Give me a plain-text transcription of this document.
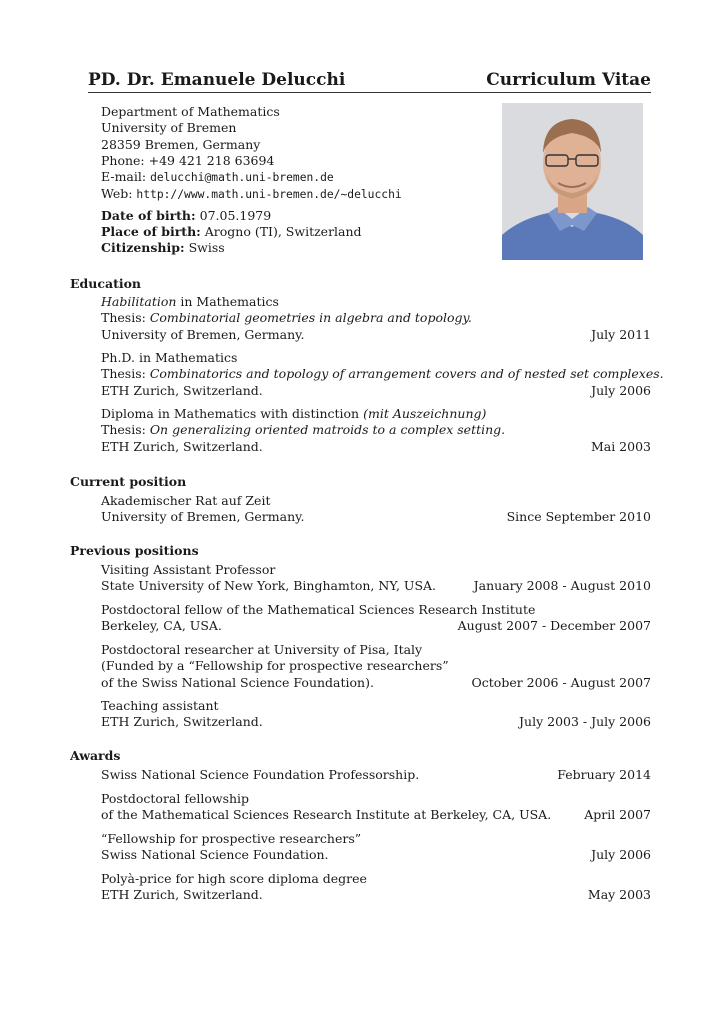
PD. Dr. Emanuele Delucchi	Curriculum Vitae
Department of Mathematics
University of Bremen
28359 Bremen, Germany
Phone: +49 421 218 63694
E-mail: delucchi@math.uni-bremen.de
Web: http://www.math.uni-bremen.de/∼delucchi
Date of birth: 07.05.1979
Place of birth: Arogno (TI), Switzerland
Citizenship: Swiss
Education
Habilitation in Mathematics
Thesis: Combinatorial geometries in algebra and topology.
University of Bremen, Germany.	July 2011
Ph.D. in Mathematics
Thesis: Combinatorics and topology of arrangement covers and of nested set complexes.
ETH Zurich, Switzerland.	July 2006
Diploma in Mathematics with distinction (mit Auszeichnung)
Thesis: On generalizing oriented matroids to a complex setting.
ETH Zurich, Switzerland.	Mai 2003
Current position
Akademischer Rat auf Zeit
University of Bremen, Germany.	Since September 2010
Previous positions
Visiting Assistant Professor
State University of New York, Binghamton, NY, USA.	January 2008 - August 2010
Postdoctoral fellow of the Mathematical Sciences Research Institute
Berkeley, CA, USA.	August 2007 - December 2007
Postdoctoral researcher at University of Pisa, Italy
(Funded by a “Fellowship for prospective researchers”
of the Swiss National Science Foundation).	October 2006 - August 2007
Teaching assistant
ETH Zurich, Switzerland.	July 2003 - July 2006
Awards
Swiss National Science Foundation Professorship.	February 2014
Postdoctoral fellowship
of the Mathematical Sciences Research Institute at Berkeley, CA, USA.	April 2007
“Fellowship for prospective researchers”
Swiss National Science Foundation.	July 2006
Polyà-price for high score diploma degree
ETH Zurich, Switzerland.	May 2003
